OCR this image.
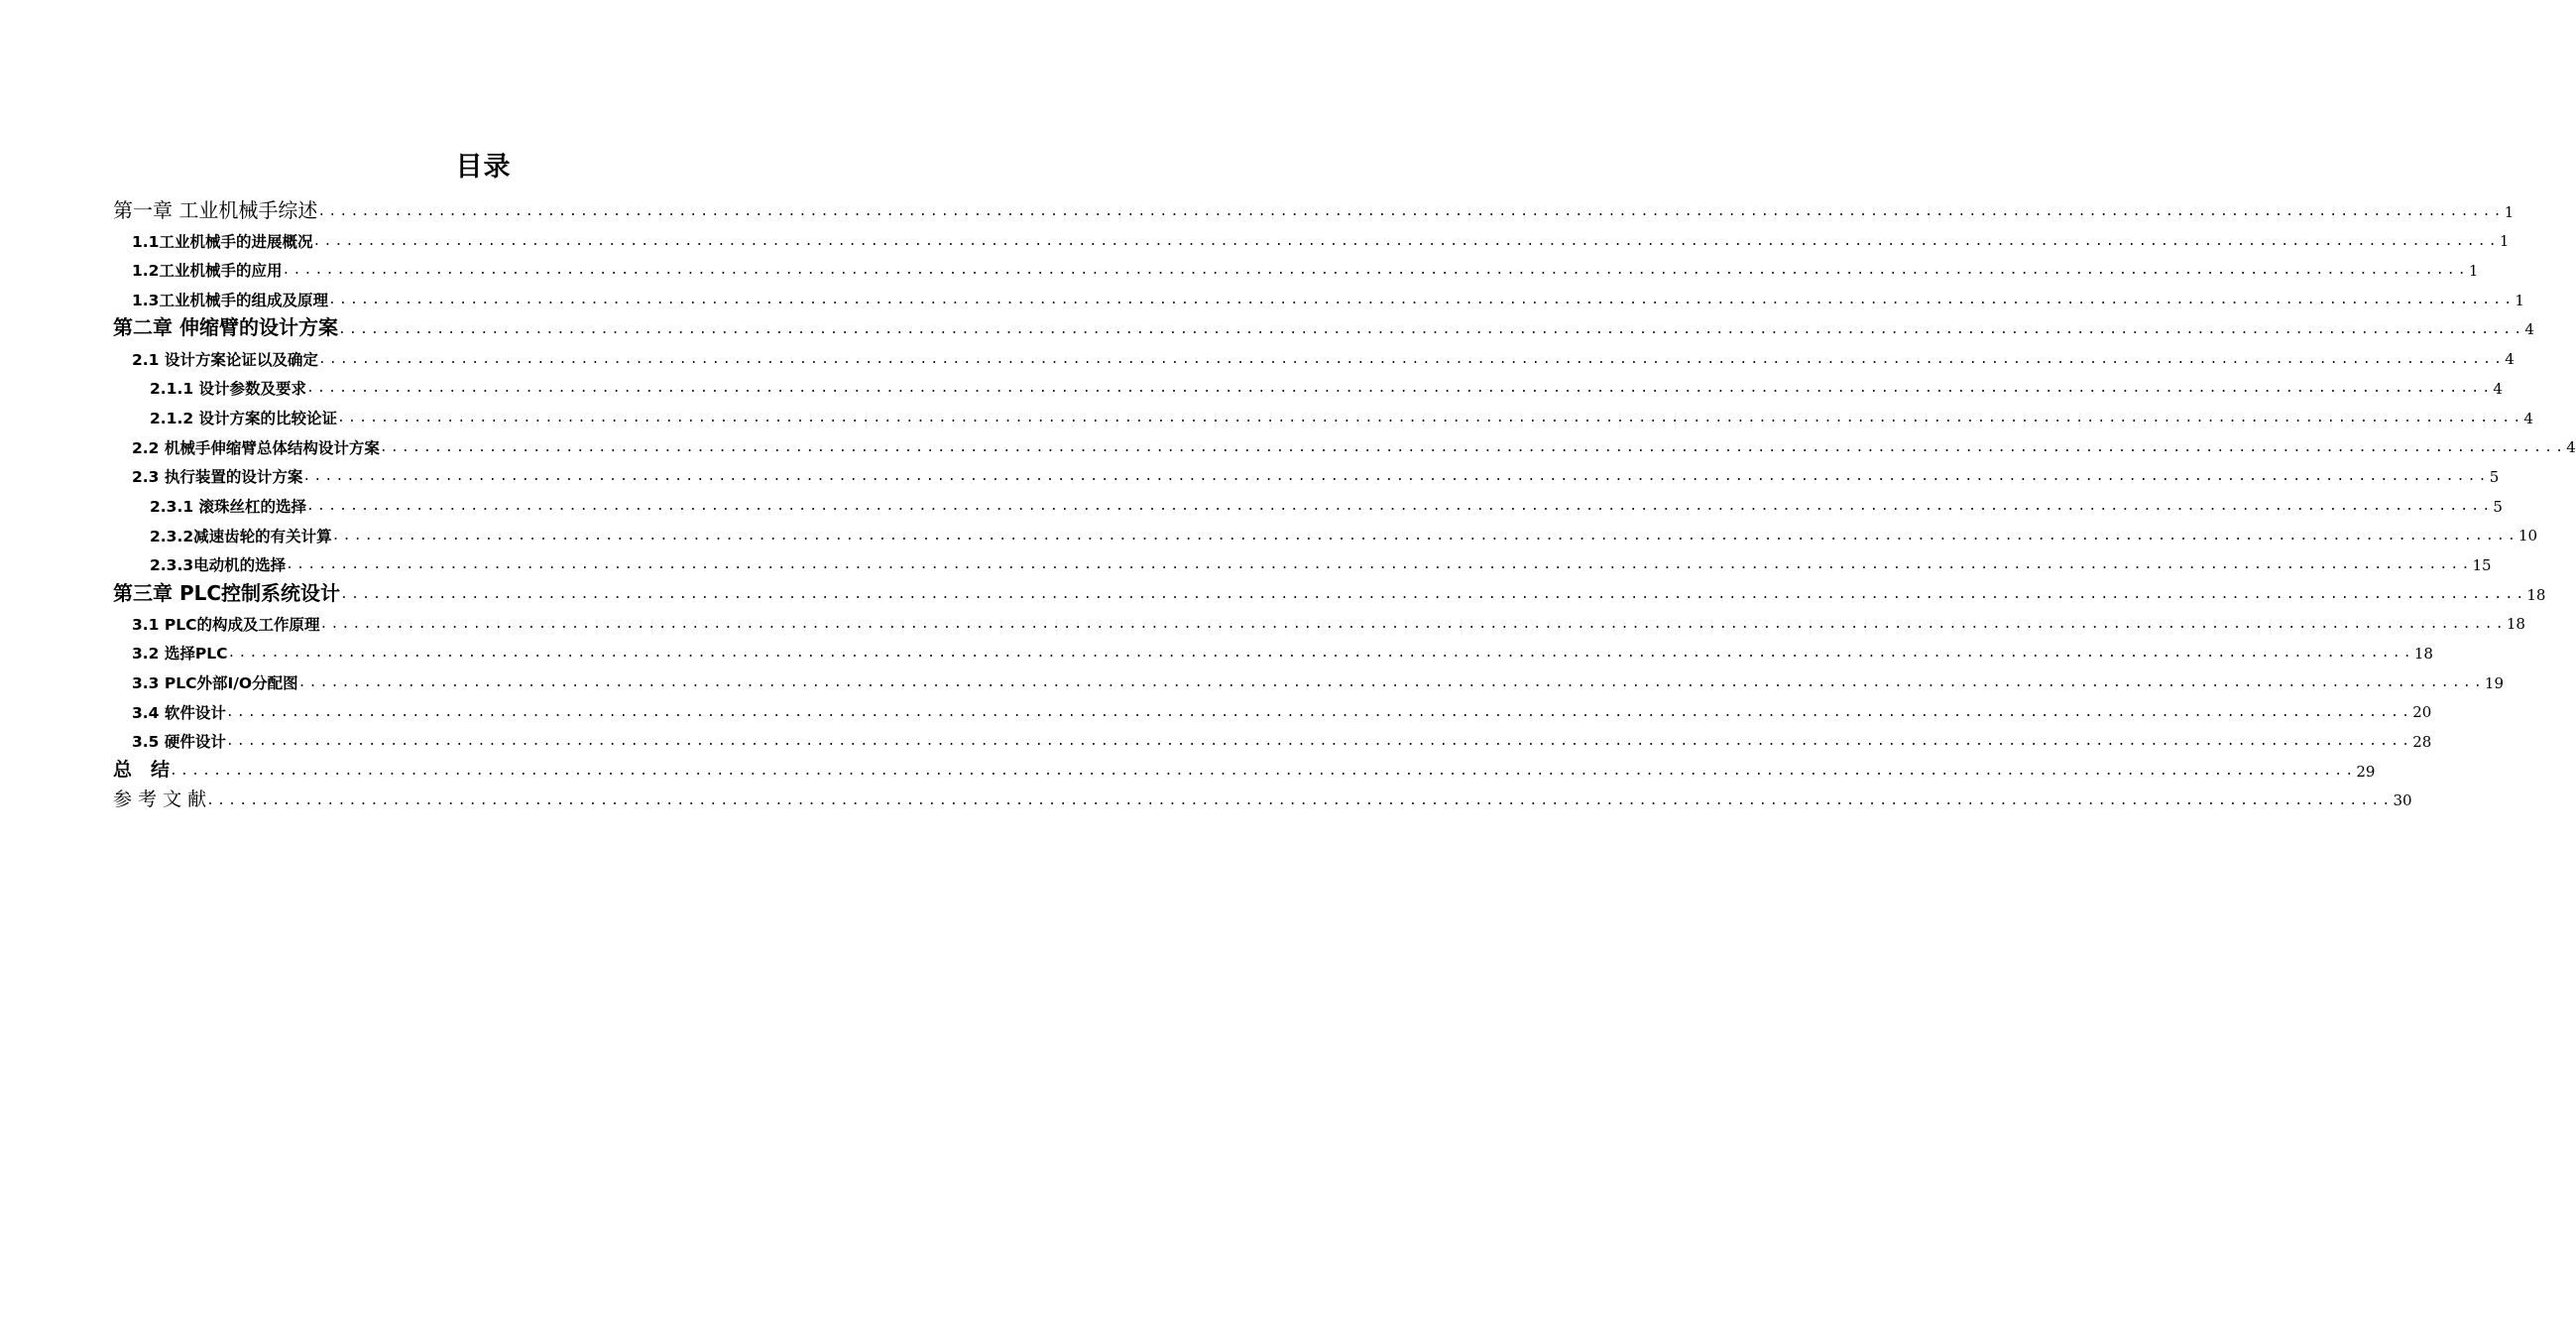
目录
第一章 工业机械手综述 ........................................................................................................................................................................................................ 1
1.1工业机械手的进展概况 ........................................................................................................................................................................................................ 1
1.2工业机械手的应用 ........................................................................................................................................................................................................ 1
1.3工业机械手的组成及原理 ........................................................................................................................................................................................................ 1
第二章 伸缩臂的设计方案 ........................................................................................................................................................................................................ 4
2.1 设计方案论证以及确定 ........................................................................................................................................................................................................ 4
2.1.1 设计参数及要求 ........................................................................................................................................................................................................ 4
2.1.2 设计方案的比较论证 ........................................................................................................................................................................................................ 4
2.2 机械手伸缩臂总体结构设计方案 ........................................................................................................................................................................................................ 4
2.3 执行装置的设计方案 ........................................................................................................................................................................................................ 5
2.3.1 滚珠丝杠的选择 ........................................................................................................................................................................................................ 5
2.3.2减速齿轮的有关计算 ........................................................................................................................................................................................................ 10
2.3.3电动机的选择 ........................................................................................................................................................................................................ 15
第三章 PLC控制系统设计 ........................................................................................................................................................................................................ 18
3.1 PLC的构成及工作原理 ........................................................................................................................................................................................................ 18
3.2 选择PLC ........................................................................................................................................................................................................ 18
3.3 PLC外部I/O分配图 ........................................................................................................................................................................................................ 19
3.4 软件设计 ........................................................................................................................................................................................................ 20
3.5 硬件设计 ........................................................................................................................................................................................................ 28
总　结 ........................................................................................................................................................................................................ 29
参 考 文 献 ........................................................................................................................................................................................................ 30
